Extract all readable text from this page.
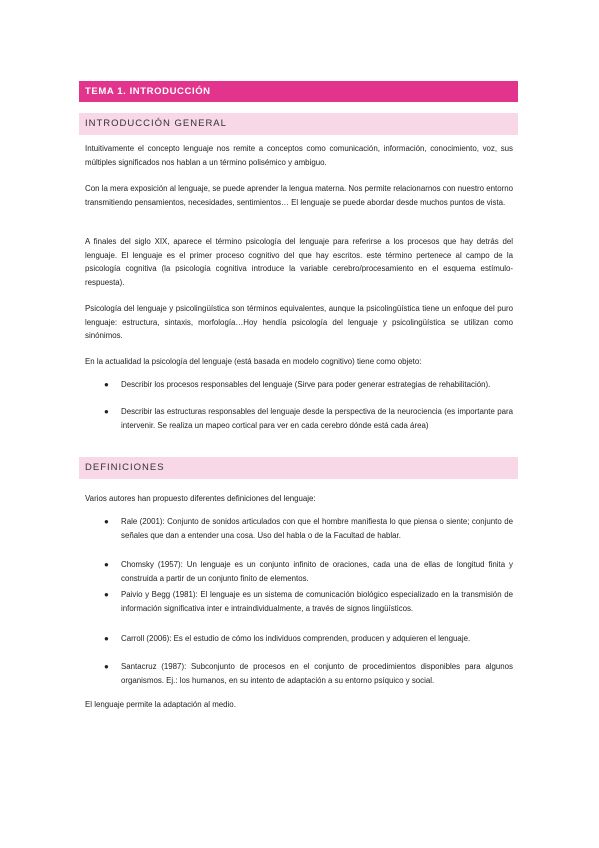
TEMA 1. INTRODUCCIÓN
INTRODUCCIÓN GENERAL

Intuitivamente el concepto lenguaje nos remite a conceptos como comunicación, información, conocimiento, voz, sus múltiples significados nos hablan a un término polisémico y ambiguo.

Con la mera exposición al lenguaje, se puede aprender la lengua materna. Nos permite relacionarnos con nuestro entorno transmitiendo pensamientos, necesidades, sentimientos… El lenguaje se puede abordar desde muchos puntos de vista.

A finales del siglo XIX, aparece el término psicología del lenguaje para referirse a los procesos que hay detrás del lenguaje. El lenguaje es el primer proceso cognitivo del que hay escritos. este término pertenece al campo de la psicología cognitiva (la psicología cognitiva introduce la variable cerebro/procesamiento en el esquema estímulo-respuesta).

Psicología del lenguaje y psicolingüística son términos equivalentes, aunque la psicolingüística tiene un enfoque del puro lenguaje: estructura, sintaxis, morfología…Hoy hendía psicología del lenguaje y psicolingüística se utilizan como sinónimos.

En la actualidad la psicología del lenguaje (está basada en modelo cognitivo) tiene como objeto:

● Describir los procesos responsables del lenguaje (Sirve para poder generar estrategias de rehabilitación).
● Describir las estructuras responsables del lenguaje desde la perspectiva de la neurociencia (es importante para intervenir. Se realiza un mapeo cortical para ver en cada cerebro dónde está cada área)
DEFINICIONES

Varios autores han propuesto diferentes definiciones del lenguaje:

● Rale (2001): Conjunto de sonidos articulados con que el hombre manifiesta lo que piensa o siente; conjunto de señales que dan a entender una cosa. Uso del habla o de la Facultad de hablar.
● Chomsky (1957): Un lenguaje es un conjunto infinito de oraciones, cada una de ellas de longitud finita y construida a partir de un conjunto finito de elementos.
● Paivio y Begg (1981): El lenguaje es un sistema de comunicación biológico especializado en la transmisión de información significativa inter e intraindividualmente, a través de signos lingüísticos.
● Carroll (2006): Es el estudio de cómo los individuos comprenden, producen y adquieren el lenguaje.
● Santacruz (1987): Subconjunto de procesos en el conjunto de procedimientos disponibles para algunos organismos. Ej.: los humanos, en su intento de adaptación a su entorno psíquico y social.

El lenguaje permite la adaptación al medio.
